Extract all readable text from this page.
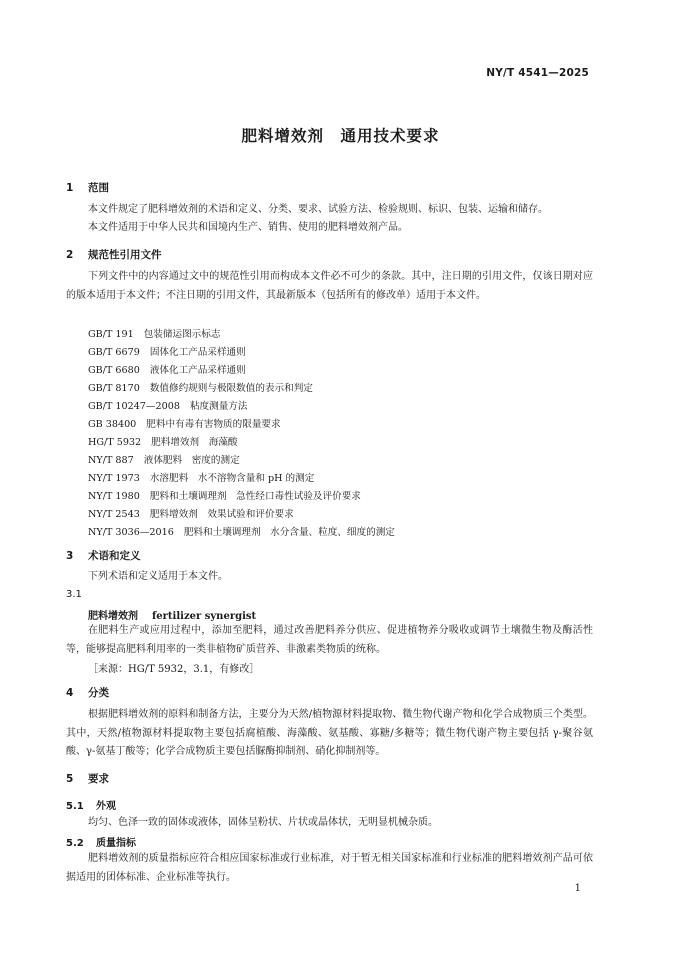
NY/T 4541—2025
肥料增效剂　通用技术要求
1 范围
本文件规定了肥料增效剂的术语和定义、分类、要求、试验方法、检验规则、标识、包装、运输和储存。
本文件适用于中华人民共和国境内生产、销售、使用的肥料增效剂产品。
2 规范性引用文件
下列文件中的内容通过文中的规范性引用而构成本文件必不可少的条款。其中，注日期的引用文件，仅该日期对应的版本适用于本文件；不注日期的引用文件，其最新版本（包括所有的修改单）适用于本文件。
GB/T 191 包装储运图示标志
GB/T 6679 固体化工产品采样通则
GB/T 6680 液体化工产品采样通则
GB/T 8170 数值修约规则与极限数值的表示和判定
GB/T 10247—2008 粘度测量方法
GB 38400 肥料中有毒有害物质的限量要求
HG/T 5932 肥料增效剂　海藻酸
NY/T 887 液体肥料　密度的测定
NY/T 1973 水溶肥料　水不溶物含量和 pH 的测定
NY/T 1980 肥料和土壤调理剂　急性经口毒性试验及评价要求
NY/T 2543 肥料增效剂　效果试验和评价要求
NY/T 3036—2016 肥料和土壤调理剂　水分含量、粒度、细度的测定
3 术语和定义
下列术语和定义适用于本文件。
3.1
肥料增效剂 fertilizer synergist
在肥料生产或应用过程中，添加至肥料，通过改善肥料养分供应、促进植物养分吸收或调节土壤微生物及酶活性等，能够提高肥料利用率的一类非植物矿质营养、非激素类物质的统称。
［来源：HG/T 5932，3.1，有修改］
4 分类
根据肥料增效剂的原料和制备方法，主要分为天然/植物源材料提取物、微生物代谢产物和化学合成物质三个类型。其中，天然/植物源材料提取物主要包括腐植酸、海藻酸、氨基酸、寡糖/多糖等；微生物代谢产物主要包括 γ-聚谷氨酸、γ-氨基丁酸等；化学合成物质主要包括脲酶抑制剂、硝化抑制剂等。
5 要求
5.1 外观
均匀、色泽一致的固体或液体，固体呈粉状、片状或晶体状，无明显机械杂质。
5.2 质量指标
肥料增效剂的质量指标应符合相应国家标准或行业标准，对于暂无相关国家标准和行业标准的肥料增效剂产品可依据适用的团体标准、企业标准等执行。
1
